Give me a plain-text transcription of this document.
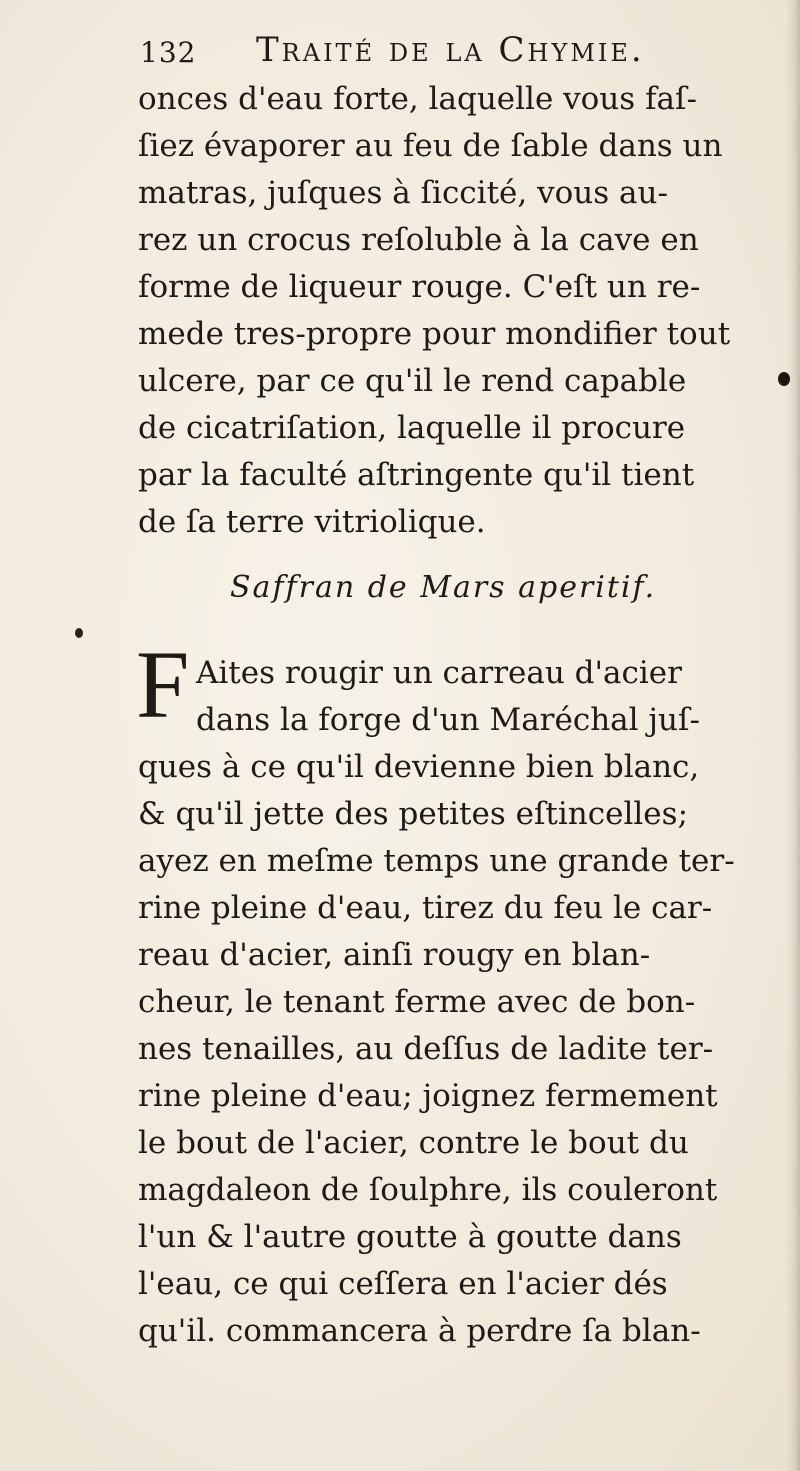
132 Traité de la Chymie.

onces d'eau forte, laquelle vous faſ-
ſiez évaporer au feu de ſable dans un
matras, juſques à ſiccité, vous au-
rez un crocus reſoluble à la cave en
forme de liqueur rouge. C'eſt un re-
mede tres-propre pour mondifier tout
ulcere, par ce qu'il le rend capable
de cicatriſation, laquelle il procure
par la faculté aſtringente qu'il tient
de ſa terre vitriolique.

Saffran de Mars aperitif.
F Aites rougir un carreau d'acier
dans la forge d'un Maréchal juſ-

ques à ce qu'il devienne bien blanc,
& qu'il jette des petites eſtincelles;
ayez en meſme temps une grande ter-
rine pleine d'eau, tirez du feu le car-
reau d'acier, ainſi rougy en blan-
cheur, le tenant ferme avec de bon-
nes tenailles, au deſſus de ladite ter-
rine pleine d'eau; joignez fermement
le bout de l'acier, contre le bout du
magdaleon de ſoulphre, ils couleront
l'un & l'autre goutte à goutte dans
l'eau, ce qui ceſſera en l'acier dés
qu'il. commancera à perdre ſa blan-
